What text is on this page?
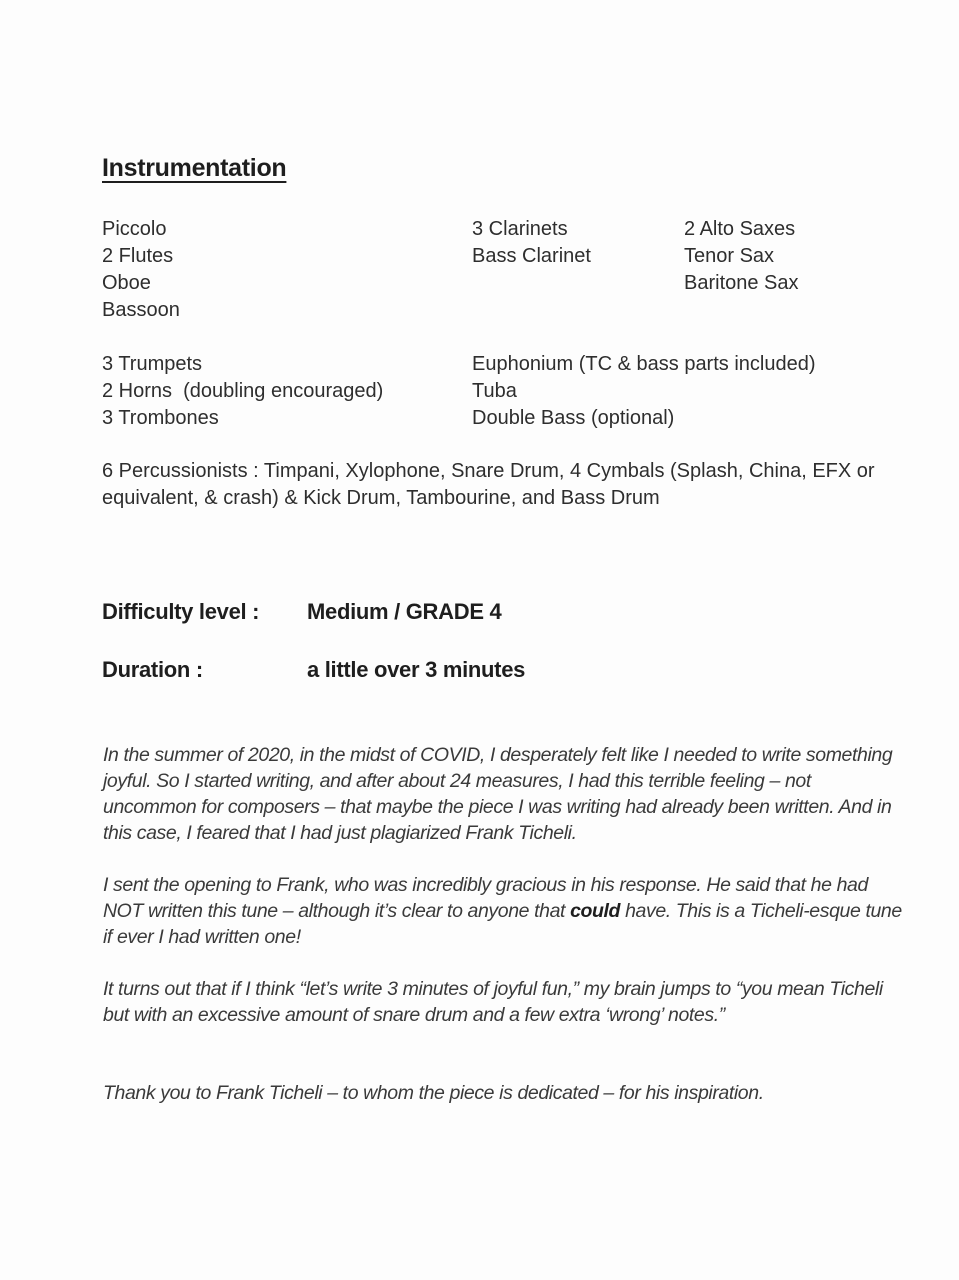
Instrumentation
Piccolo
2 Flutes
Oboe
Bassoon
3 Clarinets
Bass Clarinet
2 Alto Saxes
Tenor Sax
Baritone Sax
3 Trumpets
2 Horns  (doubling encouraged)
3 Trombones
Euphonium (TC & bass parts included)
Tuba
Double Bass (optional)
6 Percussionists : Timpani, Xylophone, Snare Drum, 4 Cymbals (Splash, China, EFX or equivalent, & crash) & Kick Drum, Tambourine, and Bass Drum
Difficulty level : Medium / GRADE 4
Duration :	a little over 3 minutes
In the summer of 2020, in the midst of COVID, I desperately felt like I needed to write something joyful. So I started writing, and after about 24 measures, I had this terrible feeling – not uncommon for composers – that maybe the piece I was writing had already been written. And in this case, I feared that I had just plagiarized Frank Ticheli.
I sent the opening to Frank, who was incredibly gracious in his response. He said that he had NOT written this tune – although it’s clear to anyone that could have. This is a Ticheli-esque tune if ever I had written one!
It turns out that if I think “let’s write 3 minutes of joyful fun,” my brain jumps to “you mean Ticheli but with an excessive amount of snare drum and a few extra ‘wrong’ notes.”
Thank you to Frank Ticheli – to whom the piece is dedicated – for his inspiration.
